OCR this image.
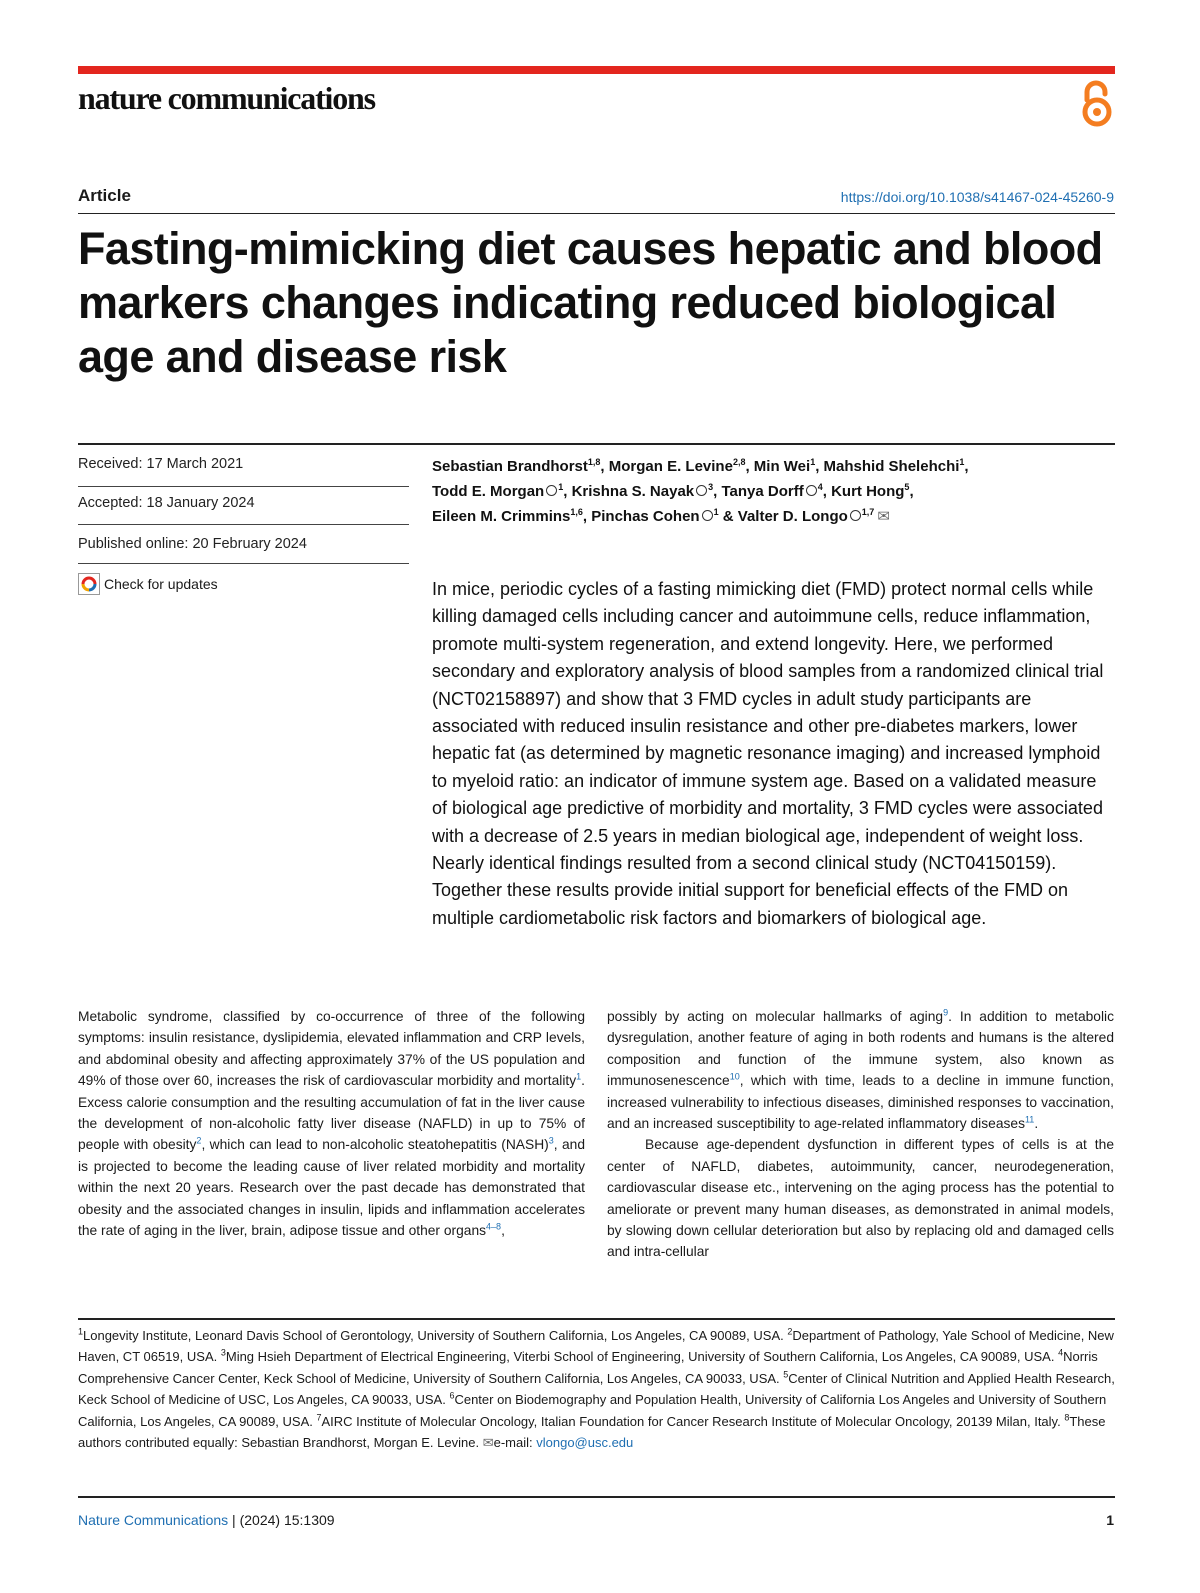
nature communications
Article	https://doi.org/10.1038/s41467-024-45260-9
Fasting-mimicking diet causes hepatic and blood markers changes indicating reduced biological age and disease risk
Received: 17 March 2021
Accepted: 18 January 2024
Published online: 20 February 2024
Check for updates
Sebastian Brandhorst$^{1,8}$, Morgan E. Levine$^{2,8}$, Min Wei$^1$, Mahshid Shelehchi$^1$,
Todd E. Morgan $^1$, Krishna S. Nayak $^3$, Tanya Dorff $^4$, Kurt Hong$^5$,
Eileen M. Crimmins$^{1,6}$, Pinchas Cohen $^1$ & Valter D. Longo $^{1,7}$ ✉

In mice, periodic cycles of a fasting mimicking diet (FMD) protect normal cells while killing damaged cells including cancer and autoimmune cells, reduce inflammation, promote multi-system regeneration, and extend longevity. Here, we performed secondary and exploratory analysis of blood samples from a randomized clinical trial (NCT02158897) and show that 3 FMD cycles in adult study participants are associated with reduced insulin resistance and other pre-diabetes markers, lower hepatic fat (as determined by magnetic resonance imaging) and increased lymphoid to myeloid ratio: an indicator of immune system age. Based on a validated measure of biological age predictive of morbidity and mortality, 3 FMD cycles were associated with a decrease of 2.5 years in median biological age, independent of weight loss. Nearly identical findings resulted from a second clinical study (NCT04150159). Together these results provide initial support for beneficial effects of the FMD on multiple cardiometabolic risk factors and biomarkers of biological age.

Metabolic syndrome, classified by co-occurrence of three of the following symptoms: insulin resistance, dyslipidemia, elevated inflammation and CRP levels, and abdominal obesity and affecting approximately 37% of the US population and 49% of those over 60, increases the risk of cardiovascular morbidity and mortality$^1$. Excess calorie consumption and the resulting accumulation of fat in the liver cause the development of non-alcoholic fatty liver disease (NAFLD) in up to 75% of people with obesity$^2$, which can lead to non-alcoholic steatohepatitis (NASH)$^3$, and is projected to become the leading cause of liver related morbidity and mortality within the next 20 years. Research over the past decade has demonstrated that obesity and the associated changes in insulin, lipids and inflammation accelerates the rate of aging in the liver, brain, adipose tissue and other organs$^{4-8}$,

possibly by acting on molecular hallmarks of aging$^9$. In addition to metabolic dysregulation, another feature of aging in both rodents and humans is the altered composition and function of the immune system, also known as immunosenescence$^{10}$, which with time, leads to a decline in immune function, increased vulnerability to infectious diseases, diminished responses to vaccination, and an increased susceptibility to age-related inflammatory diseases$^{11}$.

Because age-dependent dysfunction in different types of cells is at the center of NAFLD, diabetes, autoimmunity, cancer, neurodegeneration, cardiovascular disease etc., intervening on the aging process has the potential to ameliorate or prevent many human diseases, as demonstrated in animal models, by slowing down cellular deterioration but also by replacing old and damaged cells and intra-cellular

$^1$Longevity Institute, Leonard Davis School of Gerontology, University of Southern California, Los Angeles, CA 90089, USA. $^2$Department of Pathology, Yale School of Medicine, New Haven, CT 06519, USA. $^3$Ming Hsieh Department of Electrical Engineering, Viterbi School of Engineering, University of Southern California, Los Angeles, CA 90089, USA. $^4$Norris Comprehensive Cancer Center, Keck School of Medicine, University of Southern California, Los Angeles, CA 90033, USA. $^5$Center of Clinical Nutrition and Applied Health Research, Keck School of Medicine of USC, Los Angeles, CA 90033, USA. $^6$Center on Biodemography and Population Health, University of California Los Angeles and University of Southern California, Los Angeles, CA 90089, USA. $^7$AIRC Institute of Molecular Oncology, Italian Foundation for Cancer Research Institute of Molecular Oncology, 20139 Milan, Italy. $^8$These authors contributed equally: Sebastian Brandhorst, Morgan E. Levine. ✉e-mail: vlongo@usc.edu
Nature Communications | (2024) 15:1309	1
